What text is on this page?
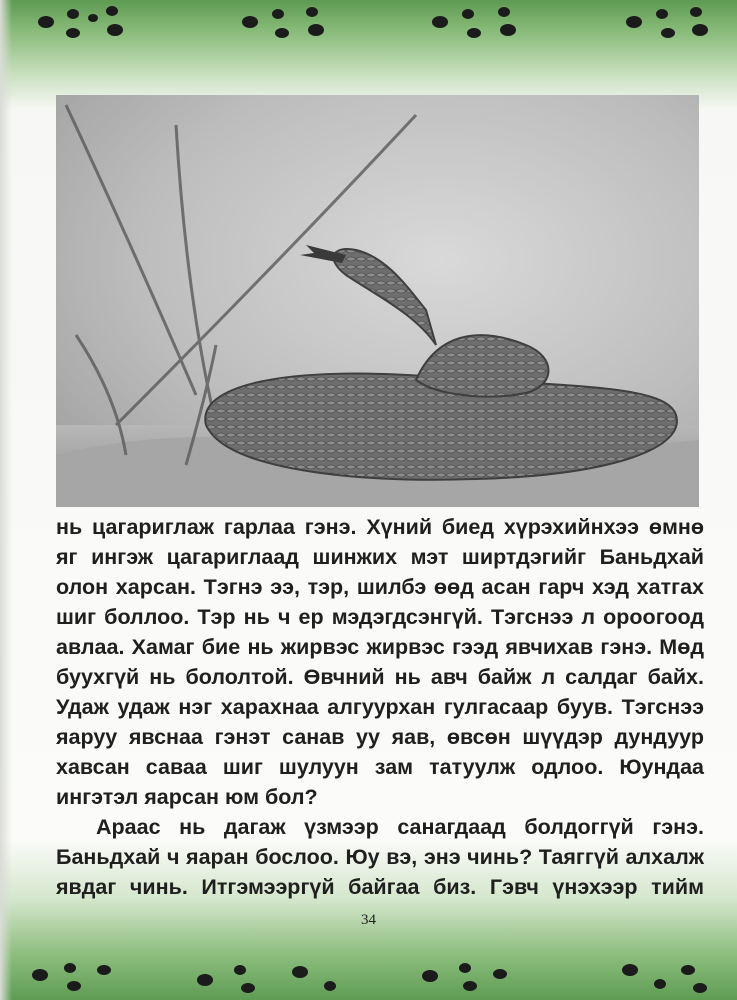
нь цагариглаж гарлаа гэнэ. Хүний биед хүрэхийнхээ өмнө
яг ингэж цагариглаад шинжих мэт ширтдэгийг Баньдхай
олон харсан. Тэгнэ ээ, тэр, шилбэ өөд асан гарч хэд хатгах
шиг боллоо. Тэр нь ч ер мэдэгдсэнгүй. Тэгснээ л ороогоод
авлаа. Хамаг бие нь жирвэс жирвэс гээд явчихав гэнэ. Мөд
буухгүй нь бололтой. Өвчний нь авч байж л салдаг байх.
Удаж удаж нэг харахнаа алгуурхан гулгасаар буув. Тэгснээ
яаруу явснаа гэнэт санав уу яав, өвсөн шүүдэр дундуур
хавсан саваа шиг шулуун зам татуулж одлоо. Юундаа
ингэтэл яарсан юм бол?
Араас нь дагаж үзмээр санагдаад болдоггүй гэнэ.
Баньдхай ч яаран бослоо. Юу вэ, энэ чинь? Таяггүй алхалж
явдаг чинь. Итгэмээргүй байгаа биз. Гэвч үнэхээр тийм
34
